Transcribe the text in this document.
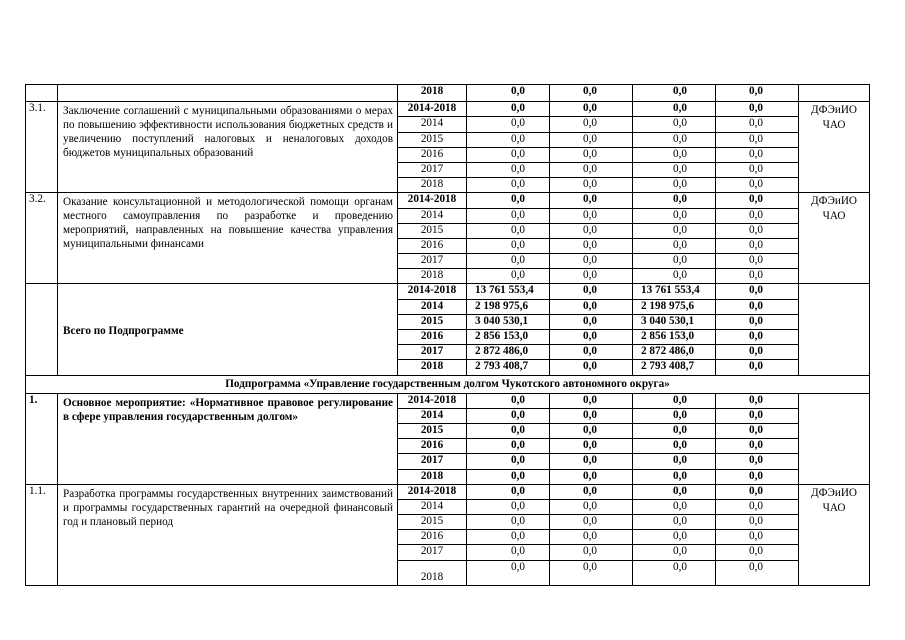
		2018	0,0	0,0	0,0	0,0	
3.1.	Заключение соглашений с муниципальными образованиями о мерах по повышению эффективности использования бюджетных средств и увеличению поступлений налоговых и неналоговых доходов бюджетов муниципальных образований	2014-2018	0,0	0,0	0,0	0,0	ДФЭиИО ЧАО
		2014	0,0	0,0	0,0	0,0	
		2015	0,0	0,0	0,0	0,0	
		2016	0,0	0,0	0,0	0,0	
		2017	0,0	0,0	0,0	0,0	
		2018	0,0	0,0	0,0	0,0	
3.2.	Оказание консультационной и методологической помощи органам местного самоуправления по разработке и проведению мероприятий, направленных на повышение качества управления муниципальными финансами	2014-2018	0,0	0,0	0,0	0,0	ДФЭиИО ЧАО
		2014	0,0	0,0	0,0	0,0	
		2015	0,0	0,0	0,0	0,0	
		2016	0,0	0,0	0,0	0,0	
		2017	0,0	0,0	0,0	0,0	
		2018	0,0	0,0	0,0	0,0	
	Всего по Подпрограмме	2014-2018	13 761 553,4	0,0	13 761 553,4	0,0	
		2014	2 198 975,6	0,0	2 198 975,6	0,0	
		2015	3 040 530,1	0,0	3 040 530,1	0,0	
		2016	2 856 153,0	0,0	2 856 153,0	0,0	
		2017	2 872 486,0	0,0	2 872 486,0	0,0	
		2018	2 793 408,7	0,0	2 793 408,7	0,0	
Подпрограмма «Управление государственным долгом Чукотского автономного округа»							
1.	Основное мероприятие: «Нормативное правовое регулирование в сфере управления государственным долгом»	2014-2018	0,0	0,0	0,0	0,0	
		2014	0,0	0,0	0,0	0,0	
		2015	0,0	0,0	0,0	0,0	
		2016	0,0	0,0	0,0	0,0	
		2017	0,0	0,0	0,0	0,0	
		2018	0,0	0,0	0,0	0,0	
1.1.	Разработка программы государственных внутренних заимствований и программы государственных гарантий на очередной финансовый год и плановый период	2014-2018	0,0	0,0	0,0	0,0	ДФЭиИО ЧАО
		2014	0,0	0,0	0,0	0,0	
		2015	0,0	0,0	0,0	0,0	
		2016	0,0	0,0	0,0	0,0	
		2017	0,0	0,0	0,0	0,0	
		2018	0,0	0,0	0,0	0,0	
